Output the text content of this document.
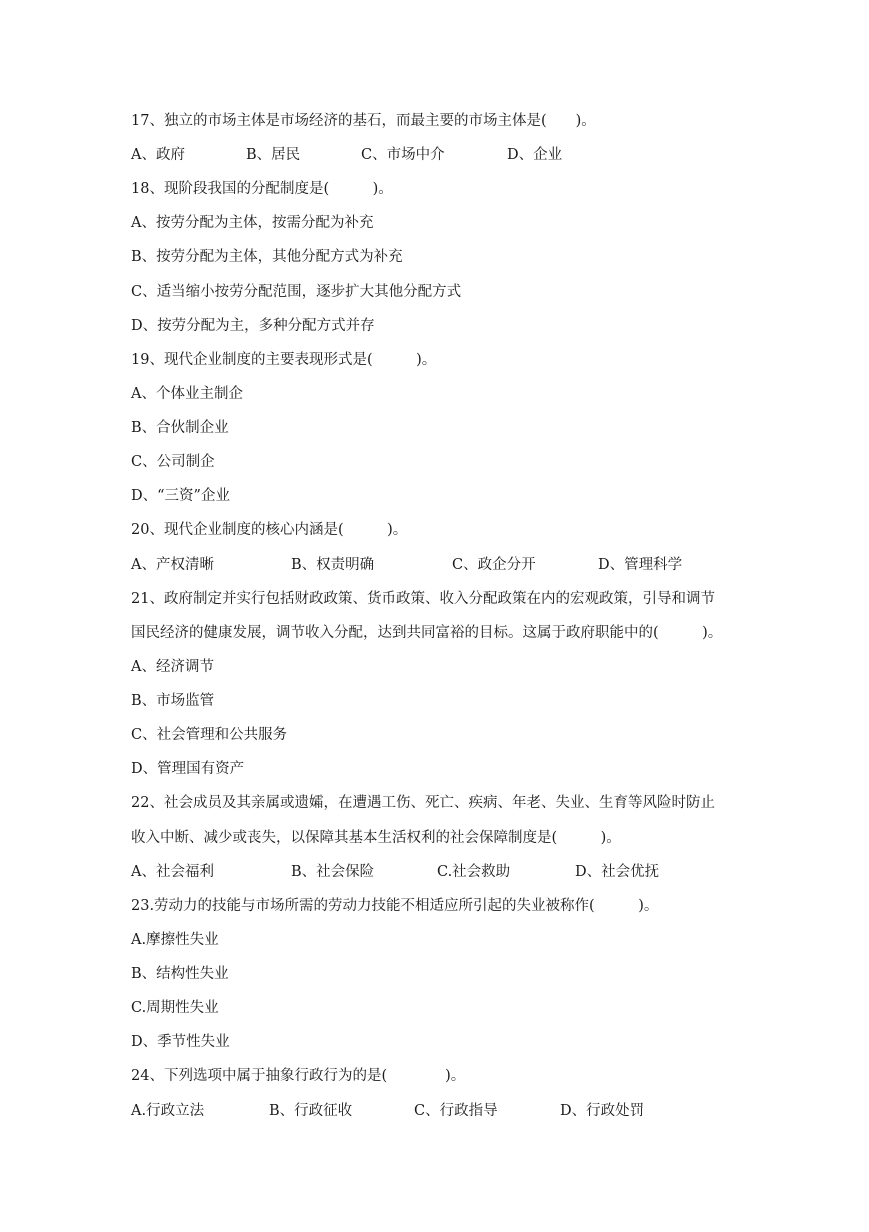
17、独立的市场主体是市场经济的基石，而最主要的市场主体是(　　)。

A、政府

	B、居民

	C、市场中介

	D、企业

18、现阶段我国的分配制度是(　　　)。
A、按劳分配为主体，按需分配为补充
B、按劳分配为主体，其他分配方式为补充
C、适当缩小按劳分配范围，逐步扩大其他分配方式
D、按劳分配为主，多种分配方式并存
19、现代企业制度的主要表现形式是(　　　)。
A、个体业主制企
B、合伙制企业
C、公司制企
D、“三资”企业
20、现代企业制度的核心内涵是(　　　)。

A、产权清晰

	B、权责明确

	C、政企分开

	D、管理科学

21、政府制定并实行包括财政政策、货币政策、收入分配政策在内的宏观政策，引导和调节
国民经济的健康发展，调节收入分配，达到共同富裕的目标。这属于政府职能中的(　　　)。
A、经济调节
B、市场监管
C、社会管理和公共服务
D、管理国有资产
22、社会成员及其亲属或遗孀，在遭遇工伤、死亡、疾病、年老、失业、生育等风险时防止
收入中断、减少或丧失，以保障其基本生活权利的社会保障制度是(　　　)。

A、社会福利

	B、社会保险

	C.社会救助

	D、社会优抚

23.劳动力的技能与市场所需的劳动力技能不相适应所引起的失业被称作(　　　)。
A.摩擦性失业
B、结构性失业
C.周期性失业
D、季节性失业
24、下列选项中属于抽象行政行为的是(　　　　)。

A.行政立法

	B、行政征收

	C、行政指导

	D、行政处罚
